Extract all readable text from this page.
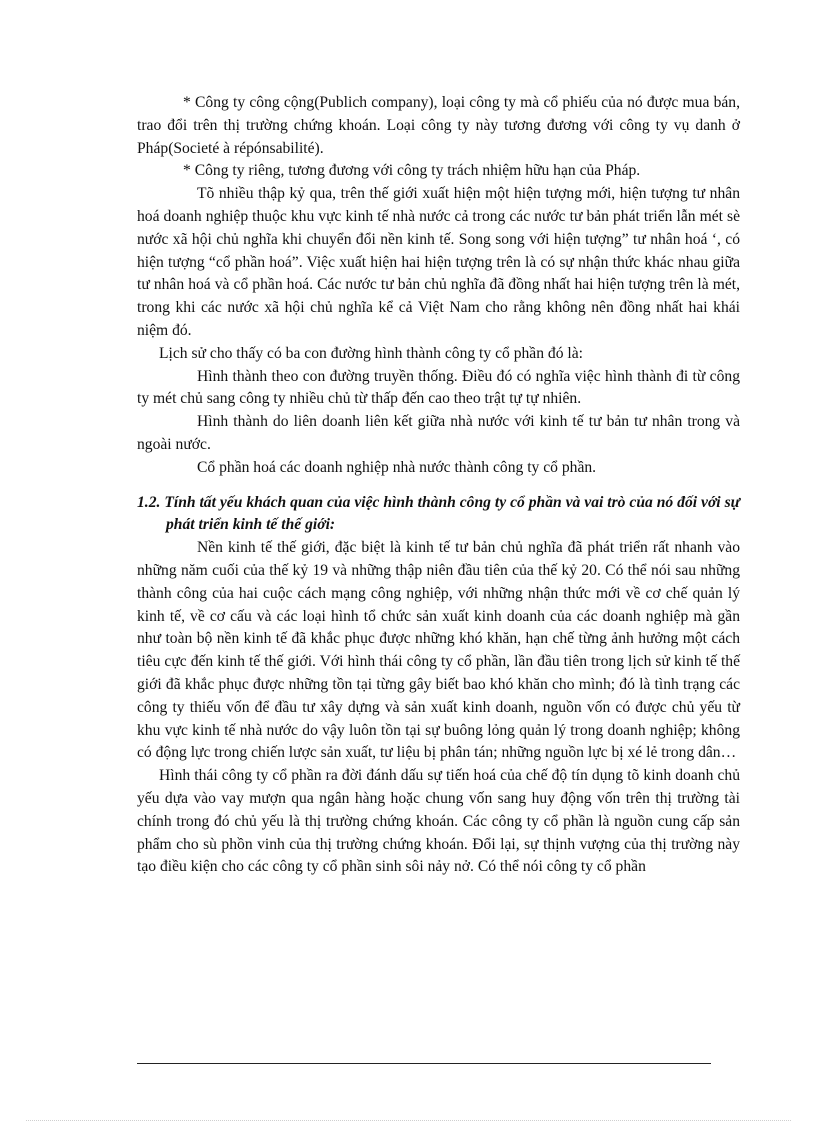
* Công ty công cộng(Publich company), loại công ty mà cổ phiếu của nó được mua bán, trao đổi trên thị trường chứng khoán. Loại công ty này tương đương với công ty vụ danh ở Pháp(Societé à répónsabilité).

* Công ty riêng, tương đương với công ty trách nhiệm hữu hạn của Pháp.

Tõ nhiều thập kỷ qua, trên thế giới xuất hiện một hiện tượng mới, hiện tượng tư nhân hoá doanh nghiệp thuộc khu vực kinh tế nhà nước cả trong các nước tư bản phát triển lẫn mét sè nước xã hội chủ nghĩa khi chuyển đổi nền kinh tế. Song song với hiện tượng” tư nhân hoá ‘, có hiện tượng “cổ phần hoá”. Việc xuất hiện hai hiện tượng trên là có sự nhận thức khác nhau giữa tư nhân hoá và cổ phần hoá. Các nước tư bản chủ nghĩa đã đồng nhất hai hiện tượng trên là mét, trong khi các nước xã hội chủ nghĩa kể cả Việt Nam cho rằng không nên đồng nhất hai khái niệm đó.

Lịch sử cho thấy có ba con đường hình thành công ty cổ phần đó là:

Hình thành theo con đường truyền thống. Điều đó có nghĩa việc hình thành đi từ công ty mét chủ sang công ty nhiều chủ từ thấp đến cao theo trật tự tự nhiên.

Hình thành do liên doanh liên kết giữa nhà nước với kinh tế tư bản tư nhân trong và ngoài nước.

Cổ phần hoá các doanh nghiệp nhà nước thành công ty cổ phần.

1.2. Tính tất yếu khách quan của việc hình thành công ty cổ phần và vai trò của nó đối với sự phát triển kinh tế thế giới:

Nền kinh tế thế giới, đặc biệt là kinh tế tư bản chủ nghĩa đã phát triển rất nhanh vào những năm cuối của thế kỷ 19 và những thập niên đầu tiên của thế kỷ 20. Có thể nói sau những thành công của hai cuộc cách mạng công nghiệp, với những nhận thức mới về cơ chế quản lý kinh tế, về cơ cấu và các loại hình tổ chức sản xuất kinh doanh của các doanh nghiệp mà gần như toàn bộ nền kinh tế đã khắc phục được những khó khăn, hạn chế từng ảnh hưởng một cách tiêu cực đến kinh tế thế giới. Với hình thái công ty cổ phần, lần đầu tiên trong lịch sử kinh tế thế giới đã khắc phục được những tồn tại từng gây biết bao khó khăn cho mình; đó là tình trạng các công ty thiếu vốn để đầu tư xây dựng và sản xuất kinh doanh, nguồn vốn có được chủ yếu từ khu vực kinh tế nhà nước do vậy luôn tồn tại sự buông lỏng quản lý trong doanh nghiệp; không có động lực trong chiến lược sản xuất, tư liệu bị phân tán; những nguồn lực bị xé lẻ trong dân…

Hình thái công ty cổ phần ra đời đánh dấu sự tiến hoá của chế độ tín dụng tõ kinh doanh chủ yếu dựa vào vay mượn qua ngân hàng hoặc chung vốn sang huy động vốn trên thị trường tài chính trong đó chủ yếu là thị trường chứng khoán. Các công ty cổ phần là nguồn cung cấp sản phẩm cho sù phồn vinh của thị trường chứng khoán. Đổi lại, sự thịnh vượng của thị trường này tạo điều kiện cho các công ty cổ phần sinh sôi nảy nở. Có thể nói công ty cổ phần
